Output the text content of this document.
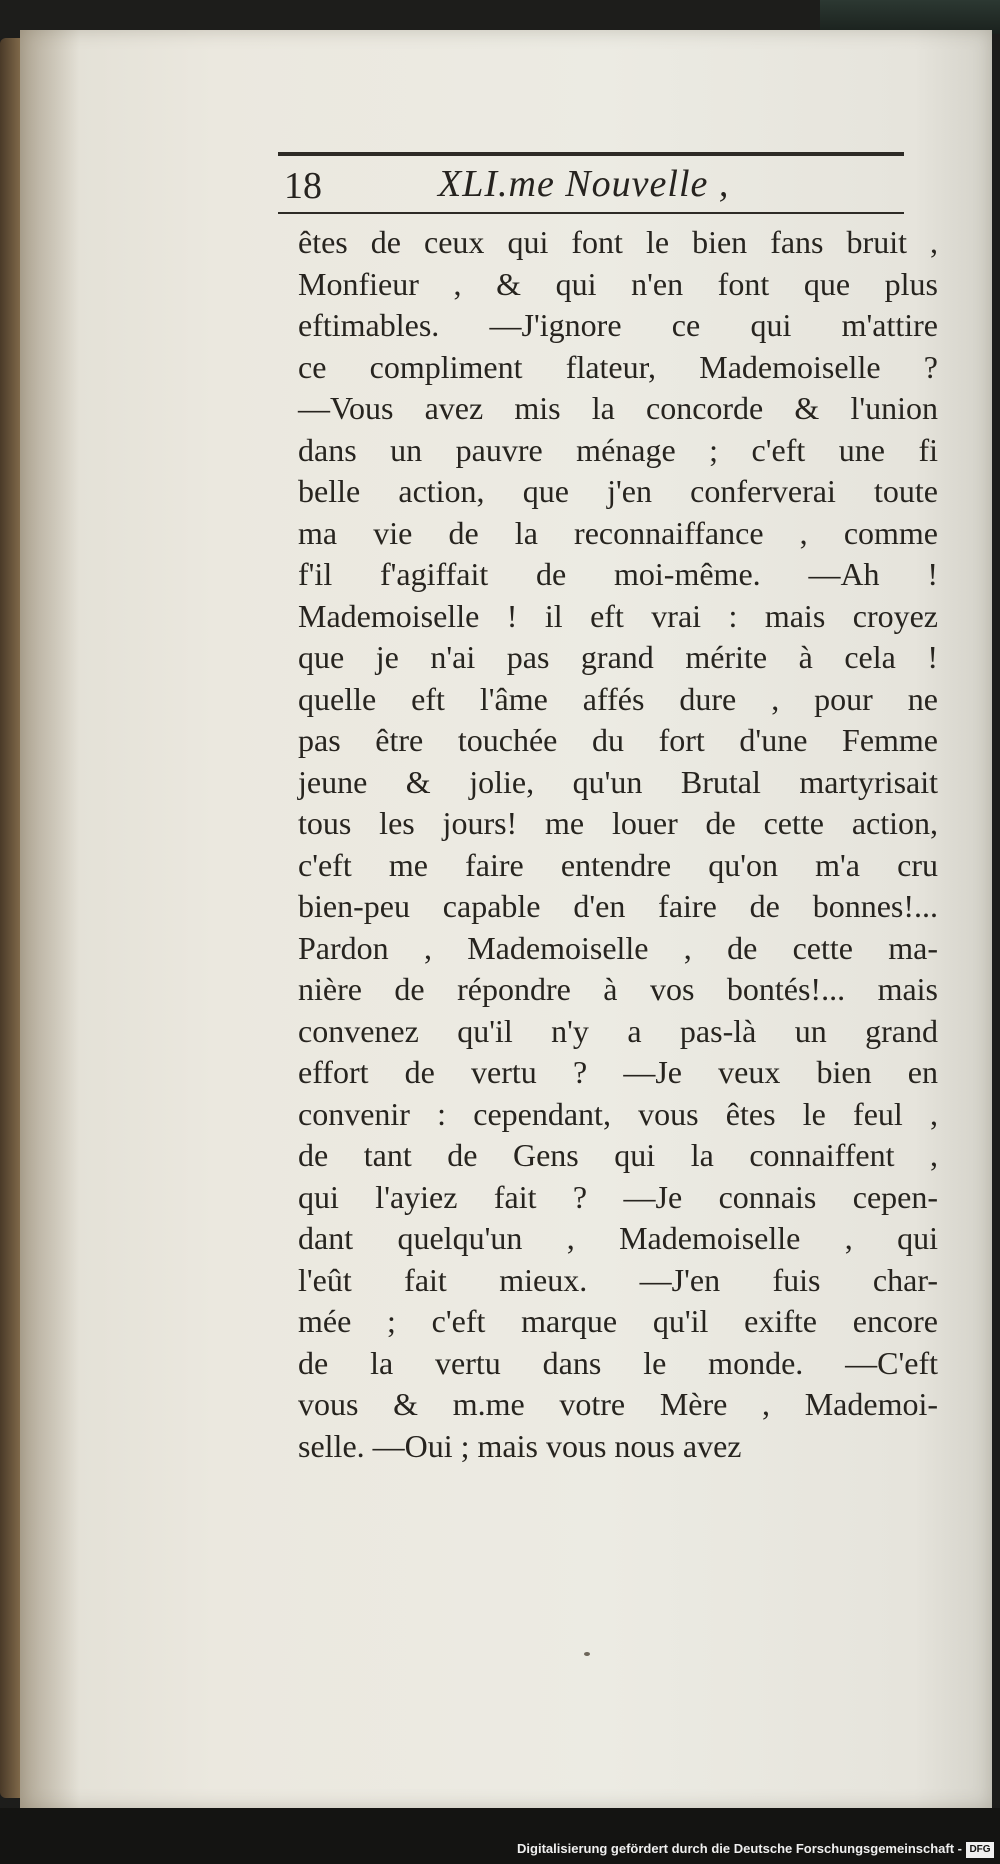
18	XLI.me Nouvelle ,
êtes de ceux qui font le bien fans bruit ,
Monfieur , & qui n'en font que plus
eftimables. —J'ignore ce qui m'attire
ce compliment flateur, Mademoiselle ?
—Vous avez mis la concorde & l'union
dans un pauvre ménage ; c'eft une fi
belle action, que j'en conferverai toute
ma vie de la reconnaiffance , comme
f'il f'agiffait de moi-même. —Ah !
Mademoiselle ! il eft vrai : mais croyez
que je n'ai pas grand mérite à cela !
quelle eft l'âme affés dure , pour ne
pas être touchée du fort d'une Femme
jeune & jolie, qu'un Brutal martyrisait
tous les jours! me louer de cette action,
c'eft me faire entendre qu'on m'a cru
bien-peu capable d'en faire de bonnes!...
Pardon , Mademoiselle , de cette ma-
nière de répondre à vos bontés!... mais
convenez qu'il n'y a pas-là un grand
effort de vertu ? —Je veux bien en
convenir : cependant, vous êtes le feul ,
de tant de Gens qui la connaiffent ,
qui l'ayiez fait ? —Je connais cepen-
dant quelqu'un , Mademoiselle , qui
l'eût fait mieux. —J'en fuis char-
mée ; c'eft marque qu'il exifte encore
de la vertu dans le monde. —C'eft
vous & m.me votre Mère , Mademoi-
selle. —Oui ; mais vous nous avez
Digitalisierung gefördert durch die Deutsche Forschungsgemeinschaft - DFG
